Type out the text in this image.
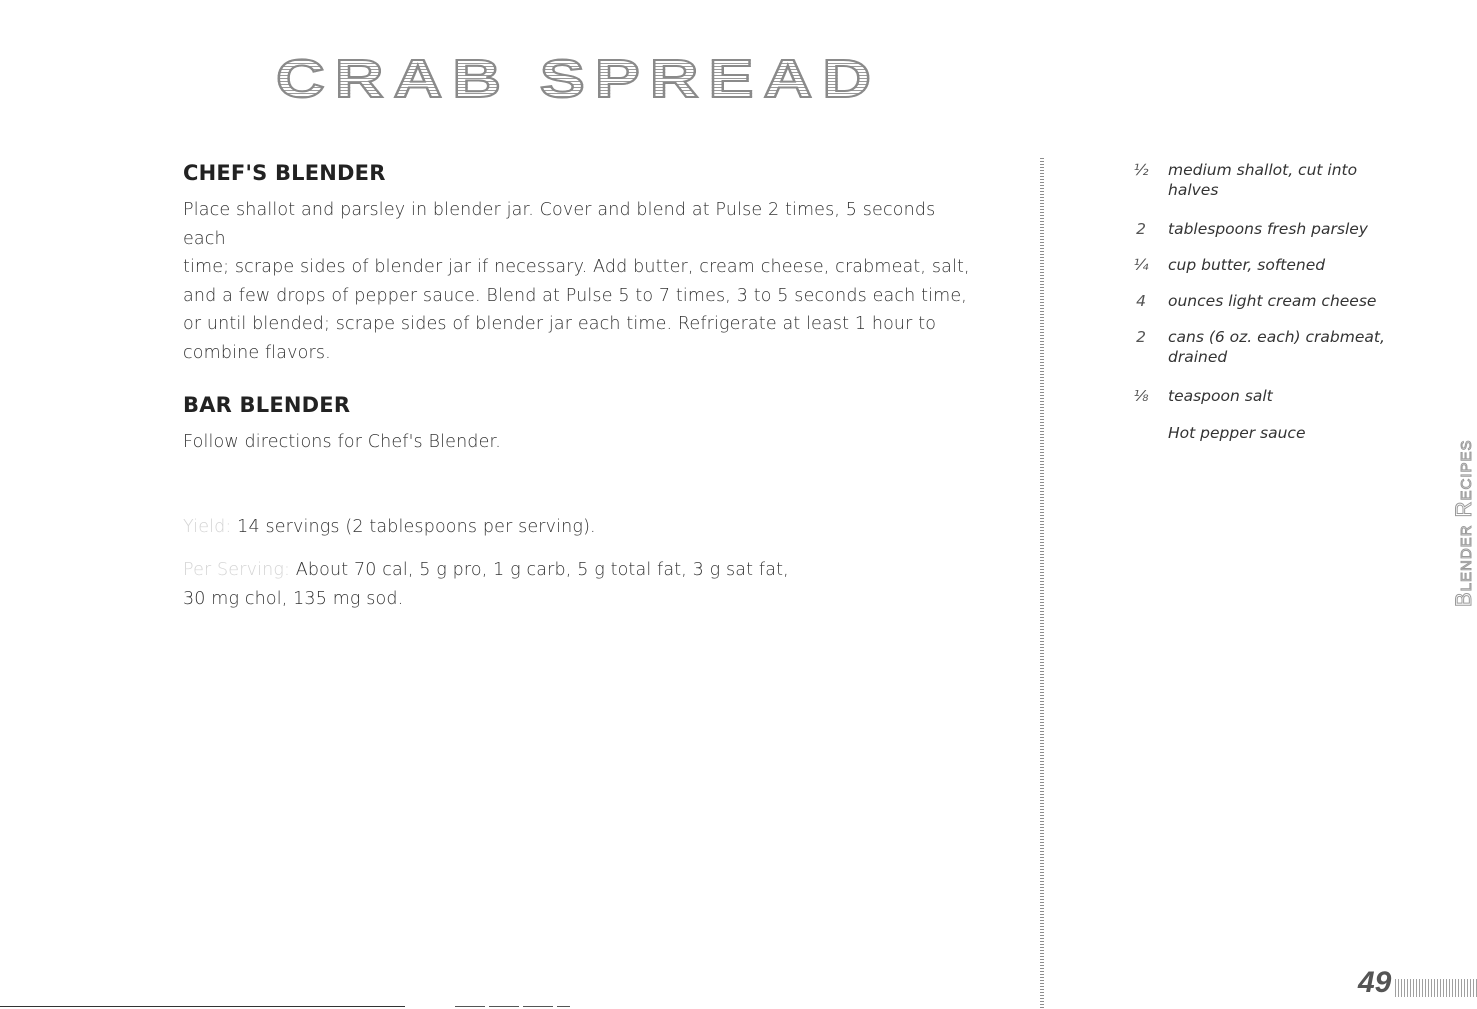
CRAB SPREAD
CHEF'S BLENDER
Place shallot and parsley in blender jar. Cover and blend at Pulse 2 times, 5 seconds each
time; scrape sides of blender jar if necessary. Add butter, cream cheese, crabmeat, salt,
and a few drops of pepper sauce. Blend at Pulse 5 to 7 times, 3 to 5 seconds each time,
or until blended; scrape sides of blender jar each time. Refrigerate at least 1 hour to
combine flavors.
BAR BLENDER
Follow directions for Chef's Blender.
Yield: 14 servings (2 tablespoons per serving).
Per Serving: About 70 cal, 5 g pro, 1 g carb, 5 g total fat, 3 g sat fat,
30 mg chol, 135 mg sod.
½ medium shallot, cut into
halves
2 tablespoons fresh parsley
¼ cup butter, softened
4 ounces light cream cheese
2 cans (6 oz. each) crabmeat,
drained
⅛ teaspoon salt
Hot pepper sauce
Blender Recipes
49
